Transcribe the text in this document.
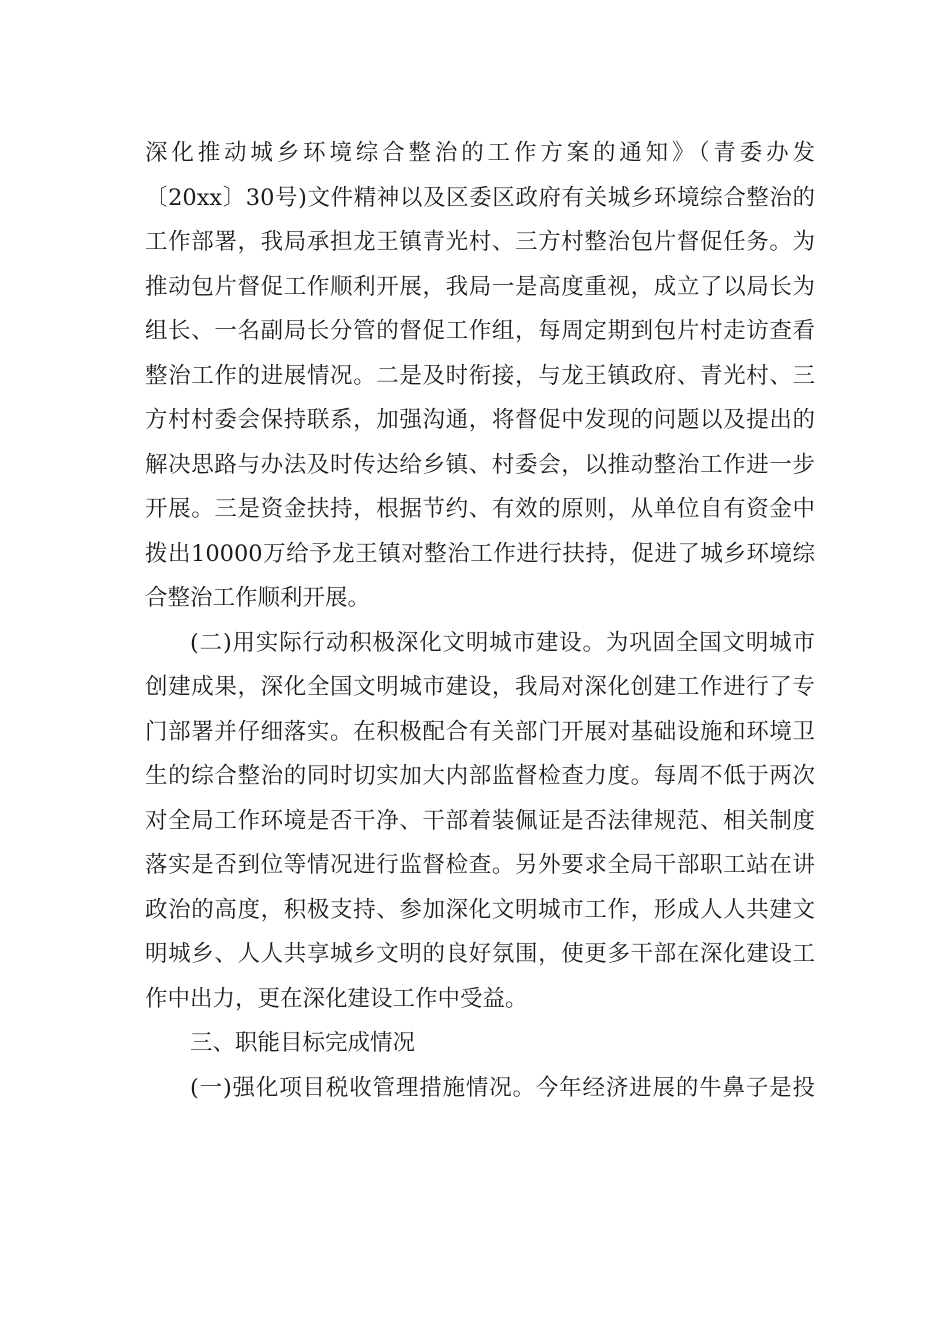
深化推动城乡环境综合整治的工作方案的通知》（青委办发
〔20xx〕30号)文件精神以及区委区政府有关城乡环境综合整治的
工作部署，我局承担龙王镇青光村、三方村整治包片督促任务。为
推动包片督促工作顺利开展，我局一是高度重视，成立了以局长为
组长、一名副局长分管的督促工作组，每周定期到包片村走访查看
整治工作的进展情况。二是及时衔接，与龙王镇政府、青光村、三
方村村委会保持联系，加强沟通，将督促中发现的问题以及提出的
解决思路与办法及时传达给乡镇、村委会，以推动整治工作进一步
开展。三是资金扶持，根据节约、有效的原则，从单位自有资金中
拨出10000万给予龙王镇对整治工作进行扶持，促进了城乡环境综
合整治工作顺利开展。
(二)用实际行动积极深化文明城市建设。为巩固全国文明城市
创建成果，深化全国文明城市建设，我局对深化创建工作进行了专
门部署并仔细落实。在积极配合有关部门开展对基础设施和环境卫
生的综合整治的同时切实加大内部监督检查力度。每周不低于两次
对全局工作环境是否干净、干部着装佩证是否法律规范、相关制度
落实是否到位等情况进行监督检查。另外要求全局干部职工站在讲
政治的高度，积极支持、参加深化文明城市工作，形成人人共建文
明城乡、人人共享城乡文明的良好氛围，使更多干部在深化建设工
作中出力，更在深化建设工作中受益。
三、职能目标完成情况
(一)强化项目税收管理措施情况。今年经济进展的牛鼻子是投
